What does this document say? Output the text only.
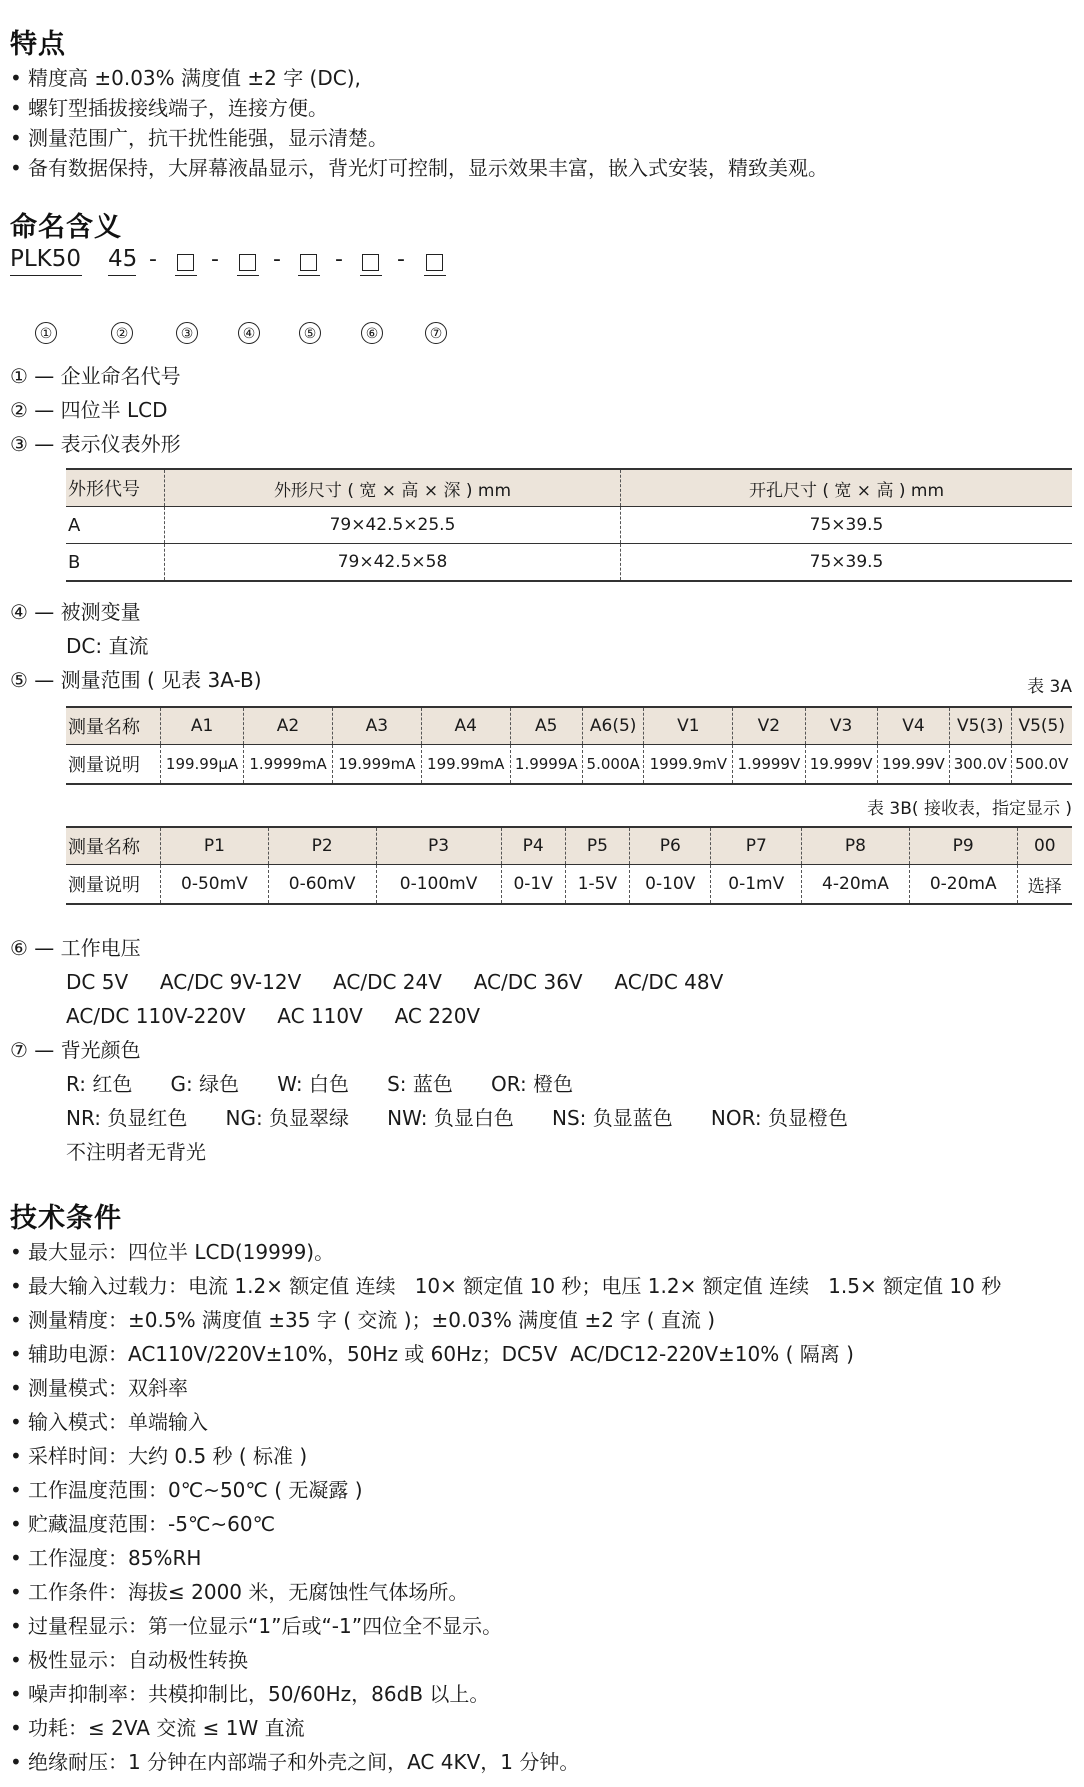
特点
• 精度高 ±0.03% 满度值 ±2 字 (DC),
• 螺钉型插拔接线端子，连接方便。
• 测量范围广，抗干扰性能强，显示清楚。
• 备有数据保持，大屏幕液晶显示，背光灯可控制，显示效果丰富，嵌入式安装，精致美观。
命名含义
PLK50 45 - - - - -
①	②	③	④	⑤	⑥	⑦
① — 企业命名代号
② — 四位半 LCD
③ — 表示仪表外形
外形代号	外形尺寸 ( 宽 × 高 × 深 ) mm	开孔尺寸 ( 宽 × 高 ) mm
A	79×42.5×25.5	75×39.5
B	79×42.5×58	75×39.5
④ — 被测变量
DC: 直流
⑤ — 测量范围 ( 见表 3A-B)	表 3A
测量名称	A1	A2	A3	A4	A5	A6(5)	V1	V2	V3	V4	V5(3)	V5(5)
测量说明	199.99μA	1.9999mA	19.999mA	199.99mA	1.9999A	5.000A	1999.9mV	1.9999V	19.999V	199.99V	300.0V	500.0V
表 3B( 接收表，指定显示 )
测量名称	P1	P2	P3	P4	P5	P6	P7	P8	P9	00
测量说明	0-50mV	0-60mV	0-100mV	0-1V	1-5V	0-10V	0-1mV	4-20mA	0-20mA	选择
⑥ — 工作电压
DC 5V     AC/DC 9V-12V     AC/DC 24V     AC/DC 36V     AC/DC 48V
AC/DC 110V-220V     AC 110V     AC 220V
⑦ — 背光颜色
R: 红色      G: 绿色      W: 白色      S: 蓝色      OR: 橙色
NR: 负显红色      NG: 负显翠绿      NW: 负显白色      NS: 负显蓝色      NOR: 负显橙色
不注明者无背光
技术条件
• 最大显示：四位半 LCD(19999)。
• 最大输入过载力：电流 1.2× 额定值 连续   10× 额定值 10 秒；电压 1.2× 额定值 连续   1.5× 额定值 10 秒
• 测量精度：±0.5% 满度值 ±35 字 ( 交流 )；±0.03% 满度值 ±2 字 ( 直流 )
• 辅助电源：AC110V/220V±10%，50Hz 或 60Hz；DC5V  AC/DC12-220V±10% ( 隔离 )
• 测量模式：双斜率
• 输入模式：单端输入
• 采样时间：大约 0.5 秒 ( 标准 )
• 工作温度范围：0℃~50℃ ( 无凝露 )
• 贮藏温度范围：-5℃~60℃
• 工作湿度：85%RH
• 工作条件：海拔≤ 2000 米，无腐蚀性气体场所。
• 过量程显示：第一位显示“1”后或“-1”四位全不显示。
• 极性显示：自动极性转换
• 噪声抑制率：共模抑制比，50/60Hz，86dB 以上。
• 功耗：≤ 2VA 交流 ≤ 1W 直流
• 绝缘耐压：1 分钟在内部端子和外壳之间，AC 4KV，1 分钟。
